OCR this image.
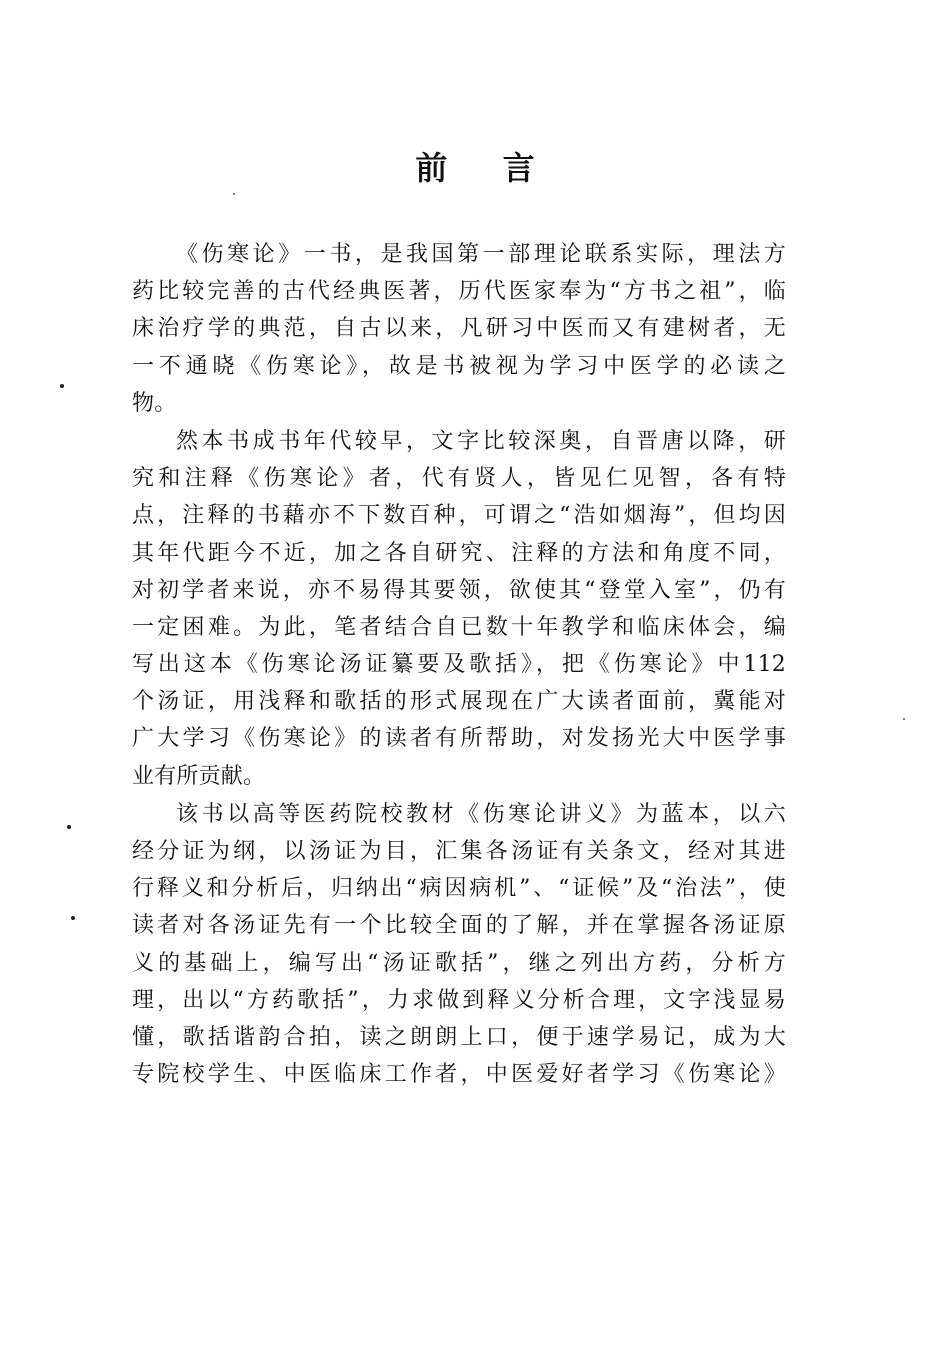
前 言
《伤寒论》一书，是我国第一部理论联系实际，理法方
药比较完善的古代经典医著，历代医家奉为“方书之祖”，临
床治疗学的典范，自古以来，凡研习中医而又有建树者，无
一不通晓《伤寒论》，故是书被视为学习中医学的必读之
物。
然本书成书年代较早，文字比较深奥，自晋唐以降，研
究和注释《伤寒论》者，代有贤人，皆见仁见智，各有特
点，注释的书藉亦不下数百种，可谓之“浩如烟海”，但均因
其年代距今不近，加之各自研究、注释的方法和角度不同，
对初学者来说，亦不易得其要领，欲使其“登堂入室”，仍有
一定困难。为此，笔者结合自已数十年教学和临床体会，编
写出这本《伤寒论汤证纂要及歌括》，把《伤寒论》中112
个汤证，用浅释和歌括的形式展现在广大读者面前，冀能对
广大学习《伤寒论》的读者有所帮助，对发扬光大中医学事
业有所贡献。
该书以高等医药院校教材《伤寒论讲义》为蓝本，以六
经分证为纲，以汤证为目，汇集各汤证有关条文，经对其进
行释义和分析后，归纳出“病因病机”、“证候”及“治法”，使
读者对各汤证先有一个比较全面的了解，并在掌握各汤证原
义的基础上，编写出“汤证歌括”，继之列出方药，分析方
理，出以“方药歌括”，力求做到释义分析合理，文字浅显易
懂，歌括谐韵合拍，读之朗朗上口，便于速学易记，成为大
专院校学生、中医临床工作者，中医爱好者学习《伤寒论》
